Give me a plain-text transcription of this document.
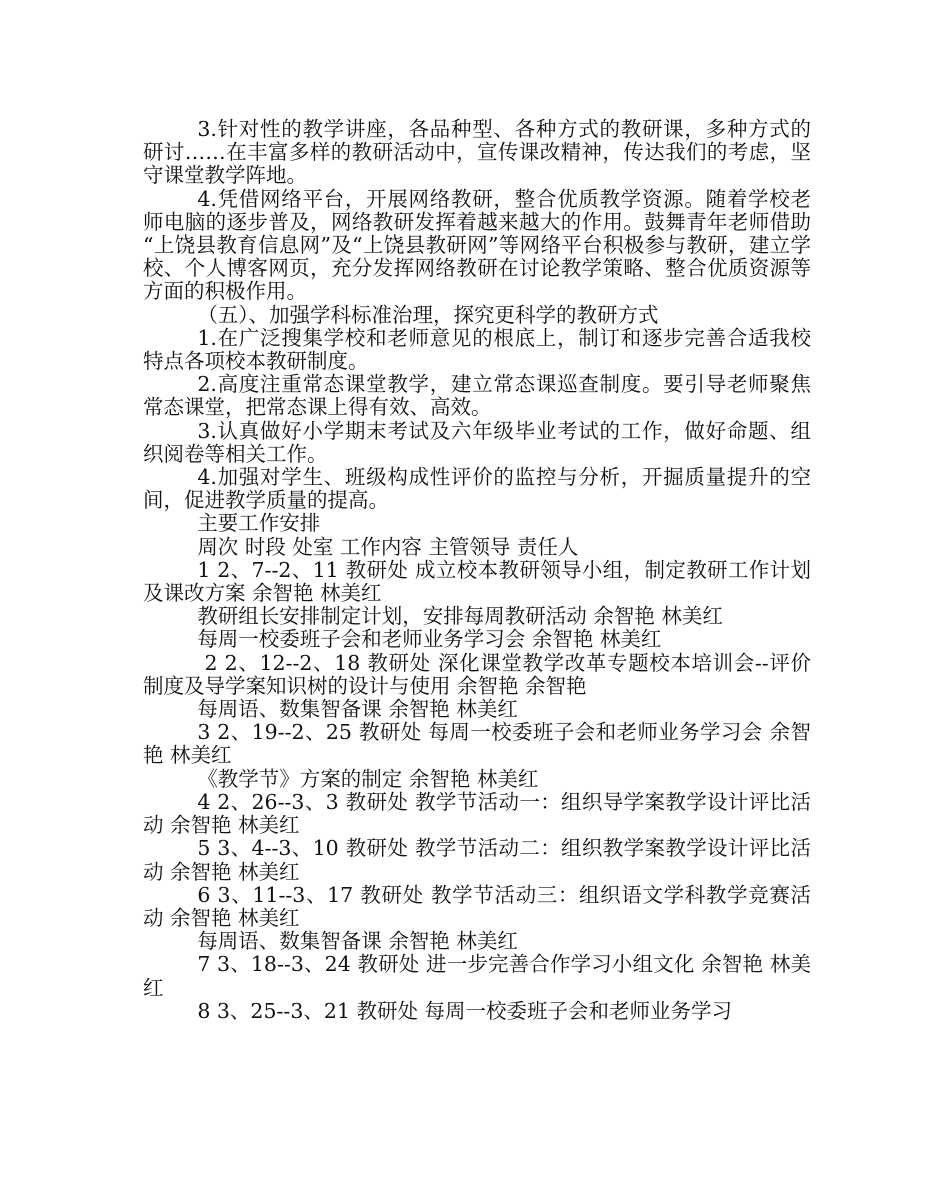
3.针对性的教学讲座，各品种型、各种方式的教研课，多种方式的研讨……在丰富多样的教研活动中，宣传课改精神，传达我们的考虑，坚守课堂教学阵地。

4.凭借网络平台，开展网络教研，整合优质教学资源。随着学校老师电脑的逐步普及，网络教研发挥着越来越大的作用。鼓舞青年老师借助 “上饶县教育信息网”及“上饶县教研网”等网络平台积极参与教研，建立学校、个人博客网页，充分发挥网络教研在讨论教学策略、整合优质资源等方面的积极作用。

（五）、加强学科标准治理，探究更科学的教研方式

1.在广泛搜集学校和老师意见的根底上，制订和逐步完善合适我校特点各项校本教研制度。

2.高度注重常态课堂教学，建立常态课巡查制度。要引导老师聚焦常态课堂，把常态课上得有效、高效。

3.认真做好小学期末考试及六年级毕业考试的工作，做好命题、组织阅卷等相关工作。

4.加强对学生、班级构成性评价的监控与分析，开掘质量提升的空间，促进教学质量的提高。

主要工作安排

周次 时段 处室 工作内容 主管领导 责任人

1 2、7--2、11 教研处 成立校本教研领导小组，制定教研工作计划及课改方案 余智艳 林美红

教研组长安排制定计划，安排每周教研活动 余智艳 林美红

每周一校委班子会和老师业务学习会 余智艳 林美红

2 2、12--2、18 教研处 深化课堂教学改革专题校本培训会--评价制度及导学案知识树的设计与使用 余智艳 余智艳

每周语、数集智备课 余智艳 林美红

3 2、19--2、25 教研处 每周一校委班子会和老师业务学习会 余智艳 林美红

《教学节》方案的制定 余智艳 林美红

4 2、26--3、3 教研处 教学节活动一：组织导学案教学设计评比活动 余智艳 林美红

5 3、4--3、10 教研处 教学节活动二：组织教学案教学设计评比活动 余智艳 林美红

6 3、11--3、17 教研处 教学节活动三：组织语文学科教学竞赛活动 余智艳 林美红

每周语、数集智备课 余智艳 林美红

7 3、18--3、24 教研处 进一步完善合作学习小组文化 余智艳 林美红

8 3、25--3、21 教研处 每周一校委班子会和老师业务学习
